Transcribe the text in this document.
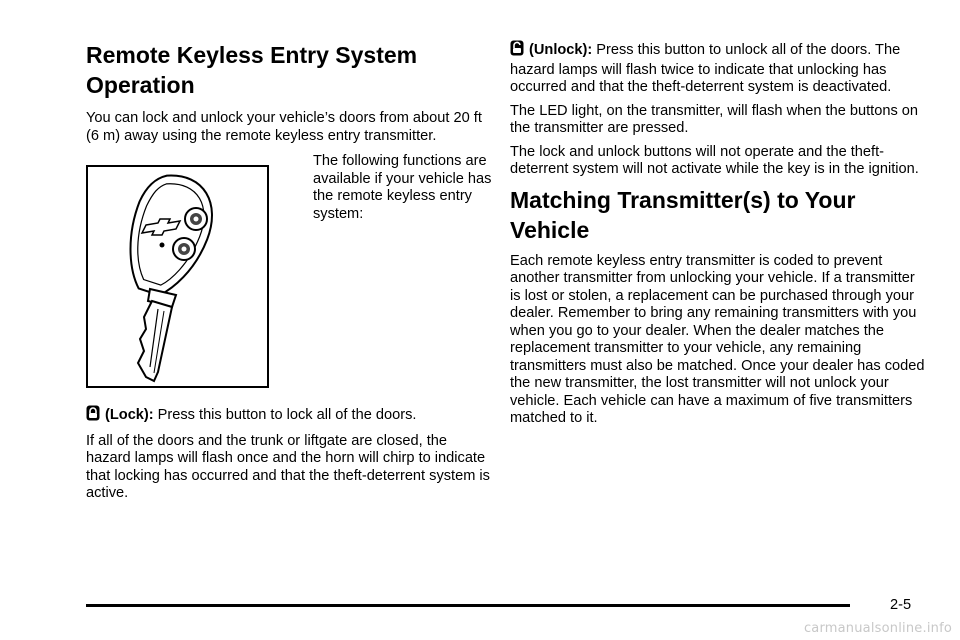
Remote Keyless Entry System Operation

You can lock and unlock your vehicle’s doors from about 20 ft (6 m) away using the remote keyless entry transmitter.

The following functions are available if your vehicle has the remote keyless entry system:

(Lock): Press this button to lock all of the doors.

If all of the doors and the trunk or liftgate are closed, the hazard lamps will flash once and the horn will chirp to indicate that locking has occurred and that the theft-deterrent system is active.

(Unlock): Press this button to unlock all of the doors. The hazard lamps will flash twice to indicate that unlocking has occurred and that the theft-deterrent system is deactivated.

The LED light, on the transmitter, will flash when the buttons on the transmitter are pressed.

The lock and unlock buttons will not operate and the theft-deterrent system will not activate while the key is in the ignition.

Matching Transmitter(s) to Your Vehicle

Each remote keyless entry transmitter is coded to prevent another transmitter from unlocking your vehicle. If a transmitter is lost or stolen, a replacement can be purchased through your dealer. Remember to bring any remaining transmitters with you when you go to your dealer. When the dealer matches the replacement transmitter to your vehicle, any remaining transmitters must also be matched. Once your dealer has coded the new transmitter, the lost transmitter will not unlock your vehicle. Each vehicle can have a maximum of five transmitters matched to it.

2-5
carmanualsonline.info
